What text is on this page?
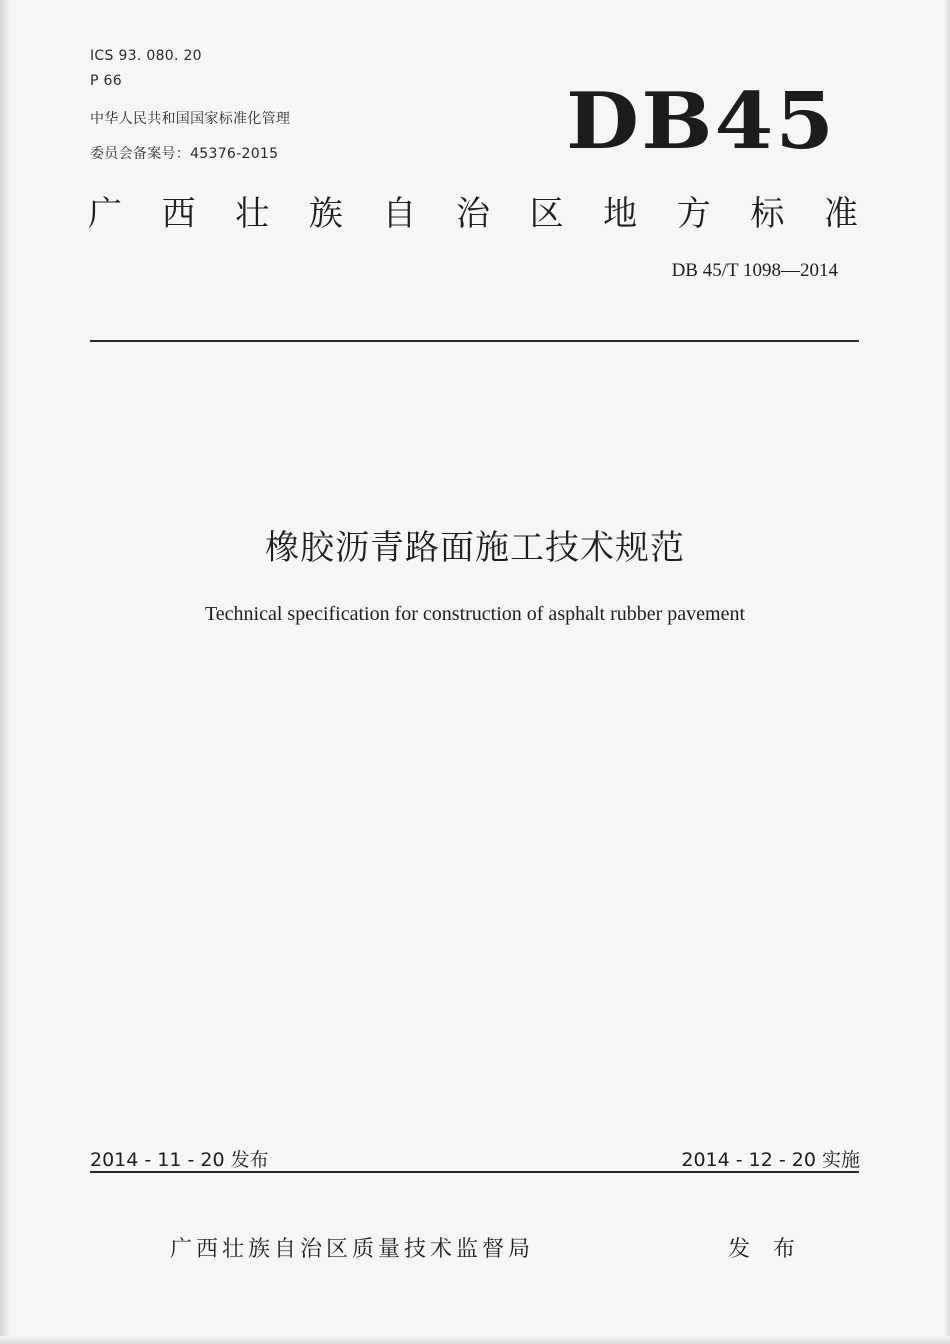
ICS 93. 080. 20
P 66
中华人民共和国国家标准化管理
委员会备案号：45376-2015	DB45
广 西 壮 族 自 治 区 地 方 标 准
DB 45/T 1098—2014
橡胶沥青路面施工技术规范
Technical specification for construction of asphalt rubber pavement
2014 - 11 - 20 发布	2014 - 12 - 20 实施
广西壮族自治区质量技术监督局	发 布
